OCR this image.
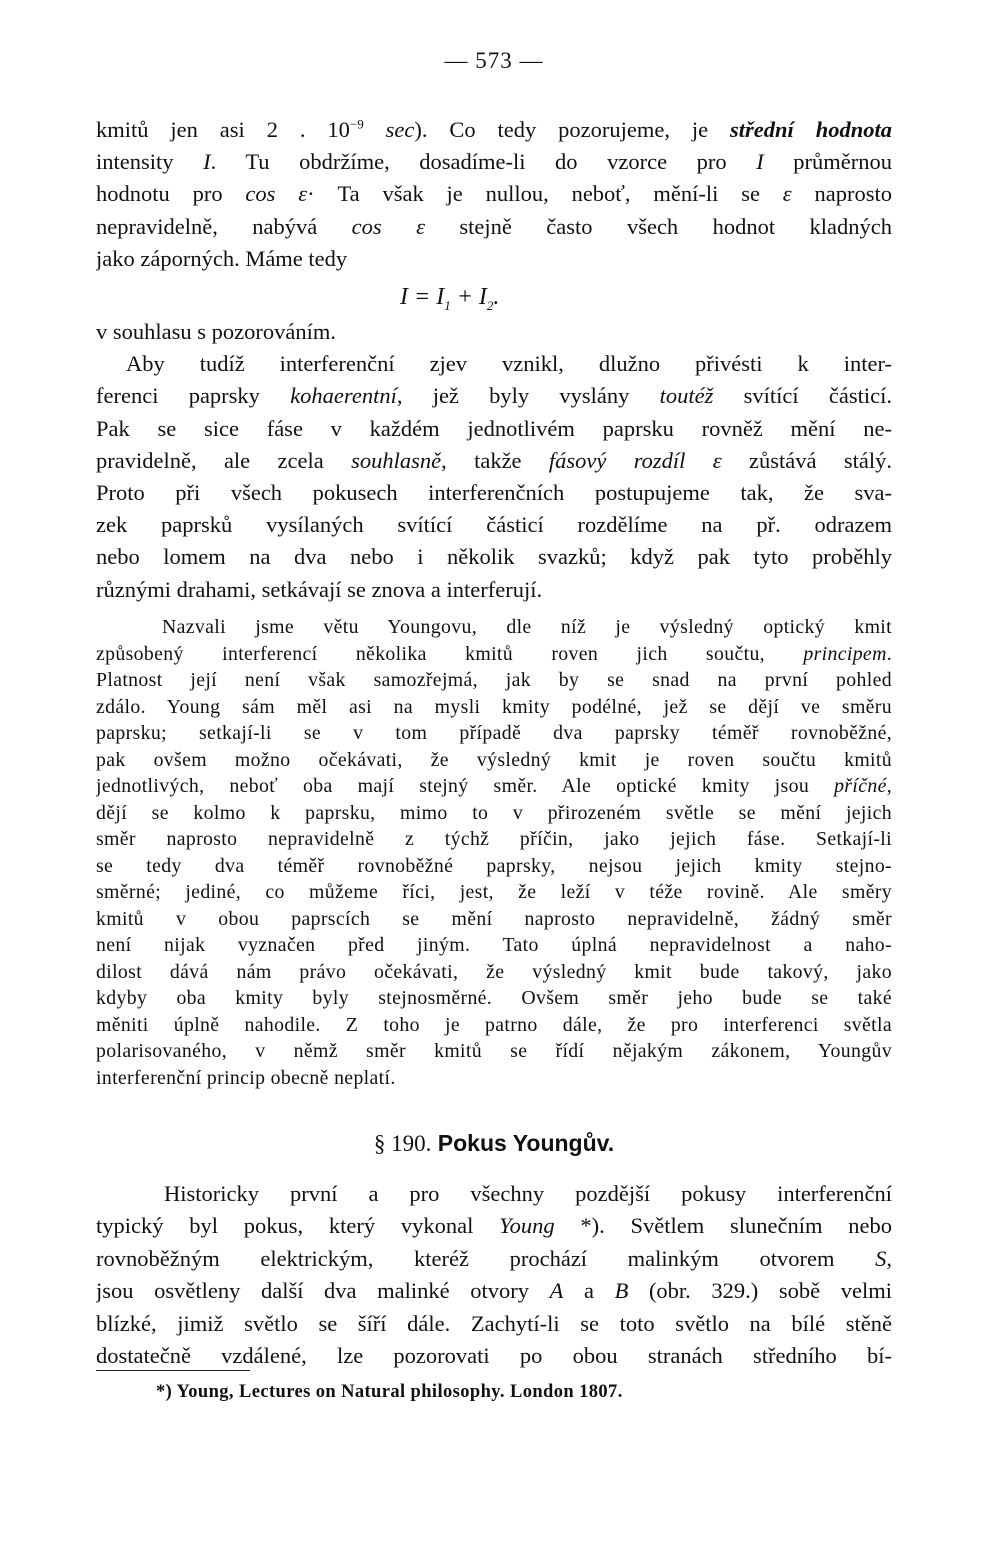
— 573 —
kmitů jen asi 2 . $10^{-9}$ sec). Co tedy pozorujeme, je střední hodnota
intensity I. Tu obdržíme, dosadíme-li do vzorce pro I průměrnou
hodnotu pro cos ε· Ta však je nullou, neboť, mění-li se ε naprosto
nepravidelně, nabývá cos ε stejně často všech hodnot kladných
jako záporných. Máme tedy
$I = I_1 + I_2$.
v souhlasu s pozorováním.
Aby tudíž interferenční zjev vznikl, dlužno přivésti k inter-
ferenci paprsky kohaerentní, jež byly vyslány toutéž svítící částicí.
Pak se sice fáse v každém jednotlivém paprsku rovněž mění ne-
pravidelně, ale zcela souhlasně, takže fásový rozdíl ε zůstává stálý.
Proto při všech pokusech interferenčních postupujeme tak, že sva-
zek paprsků vysílaných svítící částicí rozdělíme na př. odrazem
nebo lomem na dva nebo i několik svazků; když pak tyto proběhly
různými drahami, setkávají se znova a interferují.
Nazvali jsme větu Youngovu, dle níž je výsledný optický kmit
způsobený interferencí několika kmitů roven jich součtu, principem.
Platnost její není však samozřejmá, jak by se snad na první pohled
zdálo. Young sám měl asi na mysli kmity podélné, jež se dějí ve směru
paprsku; setkají-li se v tom případě dva paprsky téměř rovnoběžné,
pak ovšem možno očekávati, že výsledný kmit je roven součtu kmitů
jednotlivých, neboť oba mají stejný směr. Ale optické kmity jsou příčné,
dějí se kolmo k paprsku, mimo to v přirozeném světle se mění jejich
směr naprosto nepravidelně z týchž příčin, jako jejich fáse. Setkají-li
se tedy dva téměř rovnoběžné paprsky, nejsou jejich kmity stejno-
směrné; jediné, co můžeme říci, jest, že leží v téže rovině. Ale směry
kmitů v obou paprscích se mění naprosto nepravidelně, žádný směr
není nijak vyznačen před jiným. Tato úplná nepravidelnost a naho-
dilost dává nám právo očekávati, že výsledný kmit bude takový, jako
kdyby oba kmity byly stejnosměrné. Ovšem směr jeho bude se také
měniti úplně nahodile. Z toho je patrno dále, že pro interferenci světla
polarisovaného, v němž směr kmitů se řídí nějakým zákonem, Youngův
interferenční princip obecně neplatí.
§ 190. Pokus Youngův.
Historicky první a pro všechny pozdější pokusy interferenční
typický byl pokus, který vykonal Young *). Světlem slunečním nebo
rovnoběžným elektrickým, kteréž prochází malinkým otvorem S,
jsou osvětleny další dva malinké otvory A a B (obr. 329.) sobě velmi
blízké, jimiž světlo se šíří dále. Zachytí-li se toto světlo na bílé stěně
dostatečně vzdálené, lze pozorovati po obou stranách středního bí-
*) Young, Lectures on Natural philosophy. London 1807.
